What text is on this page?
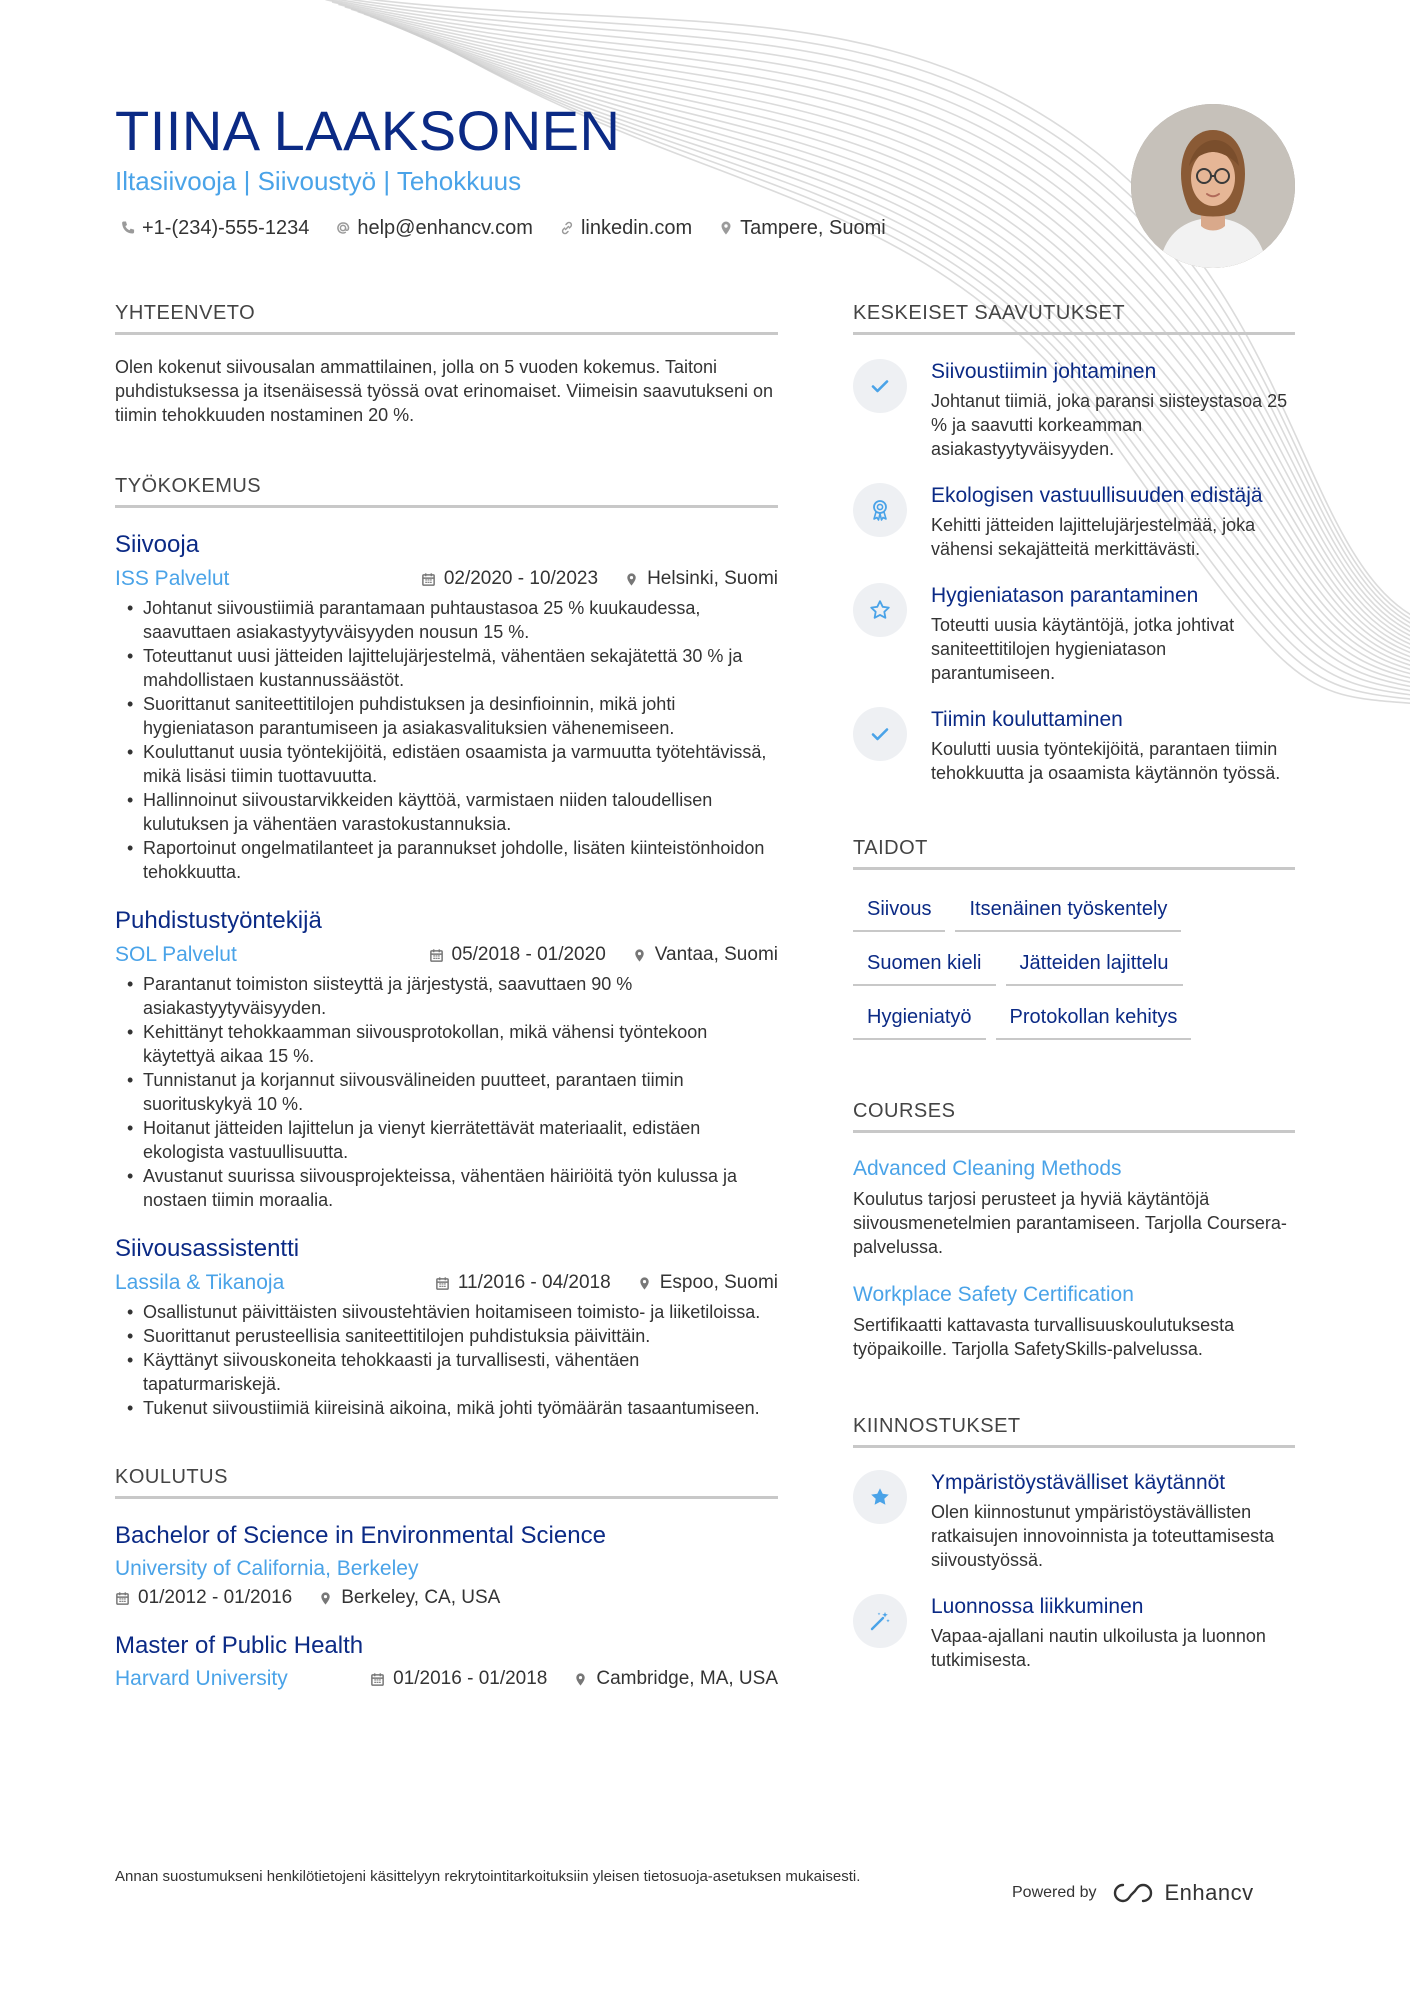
TIINA LAAKSONEN
Iltasiivooja | Siivoustyö | Tehokkuus
+1-(234)-555-1234 help@enhancv.com linkedin.com Tampere, Suomi
YHTEENVETO
Olen kokenut siivousalan ammattilainen, jolla on 5 vuoden kokemus. Taitoni puhdistuksessa ja itsenäisessä työssä ovat erinomaiset. Viimeisin saavutukseni on tiimin tehokkuuden nostaminen 20 %.
TYÖKOKEMUS
Siivooja
ISS Palvelut	02/2020 - 10/2023	Helsinki, Suomi
• Johtanut siivoustiimiä parantamaan puhtaustasoa 25 % kuukaudessa, saavuttaen asiakastyytyväisyyden nousun 15 %.
• Toteuttanut uusi jätteiden lajittelujärjestelmä, vähentäen sekajätettä 30 % ja mahdollistaen kustannussäästöt.
• Suorittanut saniteettitilojen puhdistuksen ja desinfioinnin, mikä johti hygieniatason parantumiseen ja asiakasvalituksien vähenemiseen.
• Kouluttanut uusia työntekijöitä, edistäen osaamista ja varmuutta työtehtävissä, mikä lisäsi tiimin tuottavuutta.
• Hallinnoinut siivoustarvikkeiden käyttöä, varmistaen niiden taloudellisen kulutuksen ja vähentäen varastokustannuksia.
• Raportoinut ongelmatilanteet ja parannukset johdolle, lisäten kiinteistönhoidon tehokkuutta.
Puhdistustyöntekijä
SOL Palvelut	05/2018 - 01/2020	Vantaa, Suomi
• Parantanut toimiston siisteyttä ja järjestystä, saavuttaen 90 % asiakastyytyväisyyden.
• Kehittänyt tehokkaamman siivousprotokollan, mikä vähensi työntekoon käytettyä aikaa 15 %.
• Tunnistanut ja korjannut siivousvälineiden puutteet, parantaen tiimin suorituskykyä 10 %.
• Hoitanut jätteiden lajittelun ja vienyt kierrätettävät materiaalit, edistäen ekologista vastuullisuutta.
• Avustanut suurissa siivousprojekteissa, vähentäen häiriöitä työn kulussa ja nostaen tiimin moraalia.
Siivousassistentti
Lassila & Tikanoja	11/2016 - 04/2018	Espoo, Suomi
• Osallistunut päivittäisten siivoustehtävien hoitamiseen toimisto- ja liiketiloissa.
• Suorittanut perusteellisia saniteettitilojen puhdistuksia päivittäin.
• Käyttänyt siivouskoneita tehokkaasti ja turvallisesti, vähentäen tapaturmariskejä.
• Tukenut siivoustiimiä kiireisinä aikoina, mikä johti työmäärän tasaantumiseen.
KOULUTUS
Bachelor of Science in Environmental Science
University of California, Berkeley
01/2012 - 01/2016	Berkeley, CA, USA
Master of Public Health
Harvard University	01/2016 - 01/2018	Cambridge, MA, USA
KESKEISET SAAVUTUKSET
Siivoustiimin johtaminen
Johtanut tiimiä, joka paransi siisteystasoa 25 % ja saavutti korkeamman asiakastyytyväisyyden.
Ekologisen vastuullisuuden edistäjä
Kehitti jätteiden lajittelujärjestelmää, joka vähensi sekajätteitä merkittävästi.
Hygieniatason parantaminen
Toteutti uusia käytäntöjä, jotka johtivat saniteettitilojen hygieniatason parantumiseen.
Tiimin kouluttaminen
Koulutti uusia työntekijöitä, parantaen tiimin tehokkuutta ja osaamista käytännön työssä.
TAIDOT
Siivous	Itsenäinen työskentely
Suomen kieli	Jätteiden lajittelu
Hygieniatyö	Protokollan kehitys
COURSES
Advanced Cleaning Methods
Koulutus tarjosi perusteet ja hyviä käytäntöjä siivousmenetelmien parantamiseen. Tarjolla Coursera-palvelussa.
Workplace Safety Certification
Sertifikaatti kattavasta turvallisuuskoulutuksesta työpaikoille. Tarjolla SafetySkills-palvelussa.
KIINNOSTUKSET
Ympäristöystävälliset käytännöt
Olen kiinnostunut ympäristöystävällisten ratkaisujen innovoinnista ja toteuttamisesta siivoustyössä.
Luonnossa liikkuminen
Vapaa-ajallani nautin ulkoilusta ja luonnon tutkimisesta.
Annan suostumukseni henkilötietojeni käsittelyyn rekrytointitarkoituksiin yleisen tietosuoja-asetuksen mukaisesti.
Powered by	Enhancv
